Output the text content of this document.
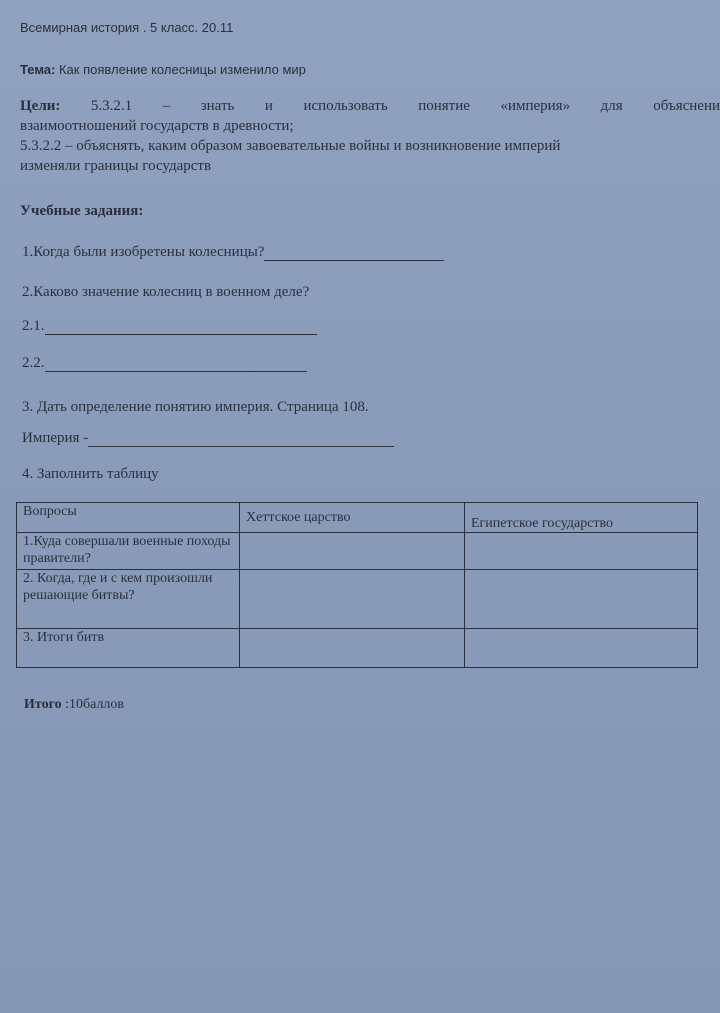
Всемирная история . 5 класс. 20.11
Тема: Как появление колесницы изменило мир
Цели: 5.3.2.1 – знать и использовать понятие «империя» для объяснени
взаимоотношений государств в древности;
5.3.2.2 – объяснять, каким образом завоевательные войны и возникновение империй
изменяли границы государств
Учебные задания:
1.Когда были изобретены колесницы?
2.Каково значение колесниц в военном деле?
2.1.
2.2.
3. Дать определение понятию империя. Страница 108.
Империя -
4. Заполнить таблицу
Вопросы	Хеттское царство	Египетское государство
1.Куда совершали военные походы правители?		
2. Когда, где и с кем произошли решающие битвы?		
3. Итоги битв		
Итого :10баллов
